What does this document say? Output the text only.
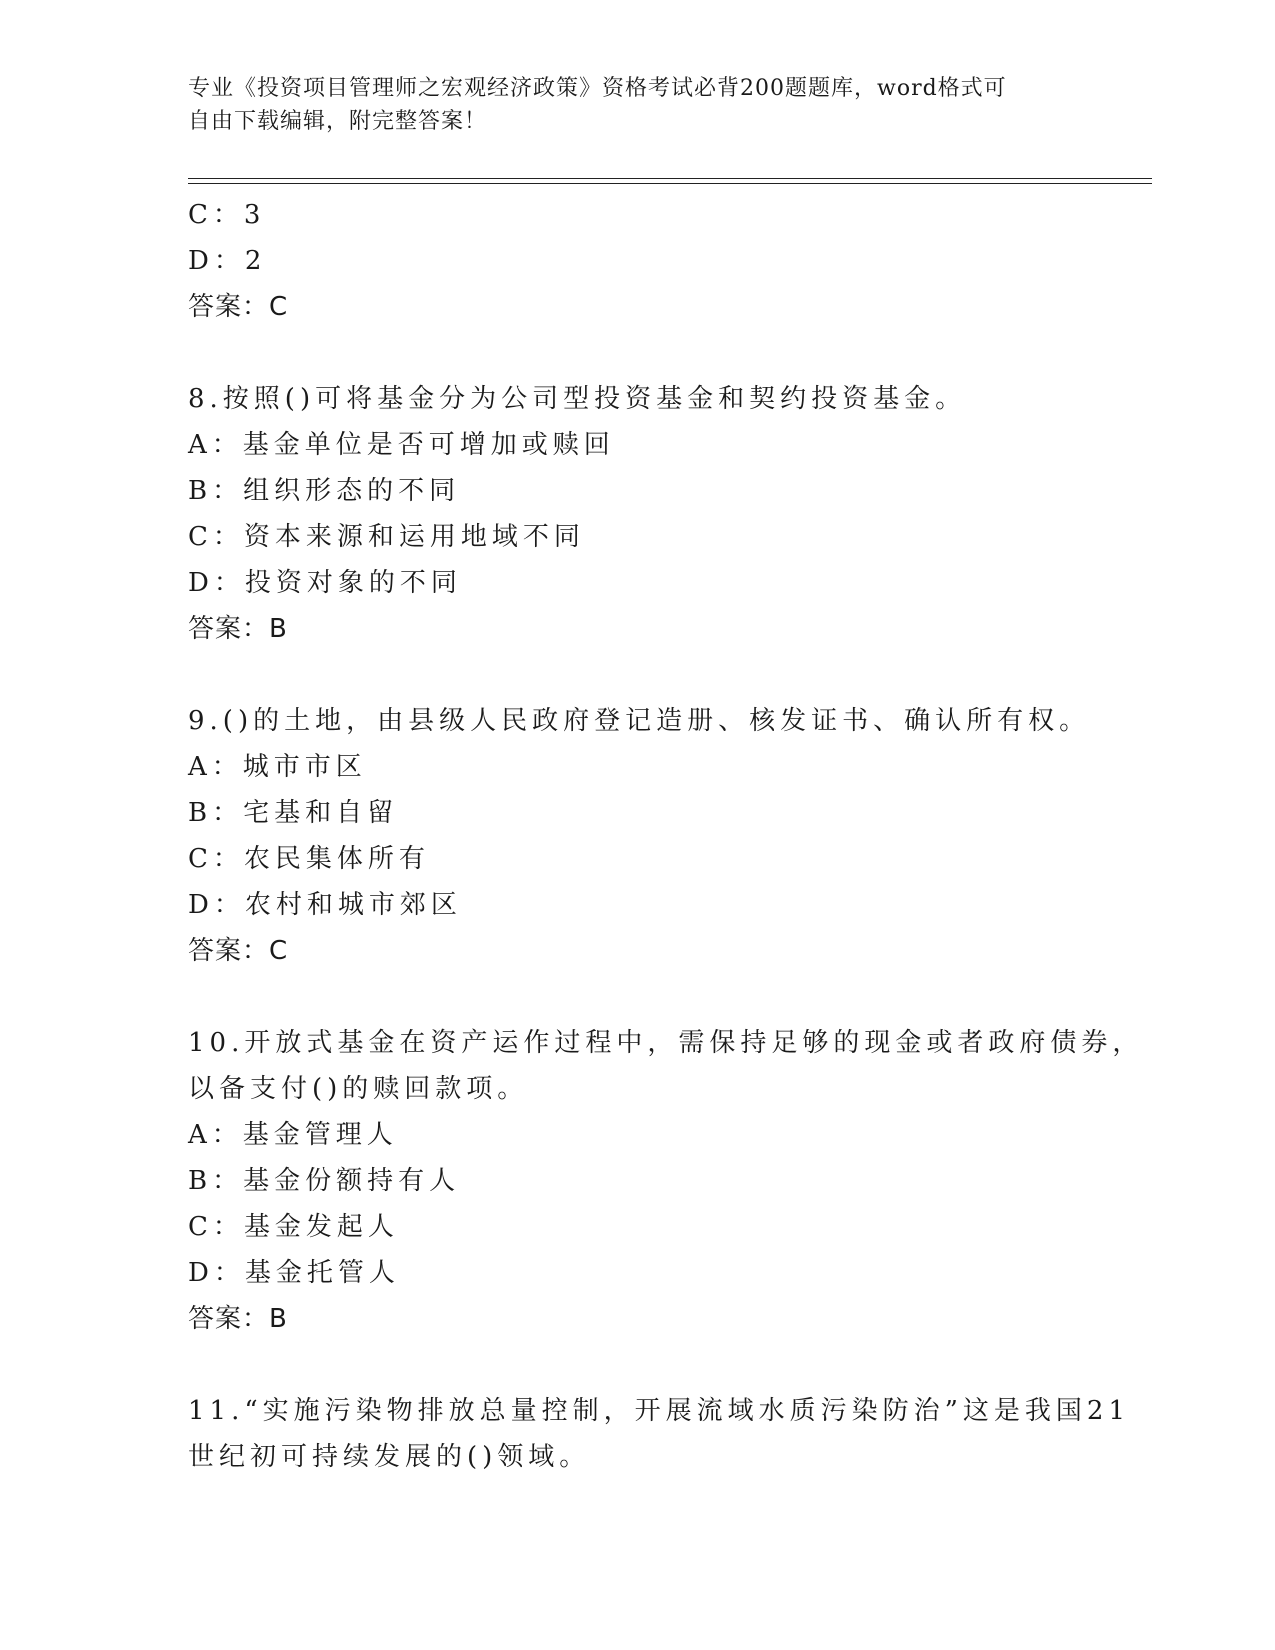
专业《投资项目管理师之宏观经济政策》资格考试必背200题题库，word格式可
自由下载编辑，附完整答案！
C：3
D：2
答案：C
8.按照()可将基金分为公司型投资基金和契约投资基金。
A：基金单位是否可增加或赎回
B：组织形态的不同
C：资本来源和运用地域不同
D：投资对象的不同
答案：B
9.()的土地，由县级人民政府登记造册、核发证书、确认所有权。
A：城市市区
B：宅基和自留
C：农民集体所有
D：农村和城市郊区
答案：C
10.开放式基金在资产运作过程中，需保持足够的现金或者政府债券，
以备支付()的赎回款项。
A：基金管理人
B：基金份额持有人
C：基金发起人
D：基金托管人
答案：B
11.“实施污染物排放总量控制，开展流域水质污染防治”这是我国21
世纪初可持续发展的()领域。
